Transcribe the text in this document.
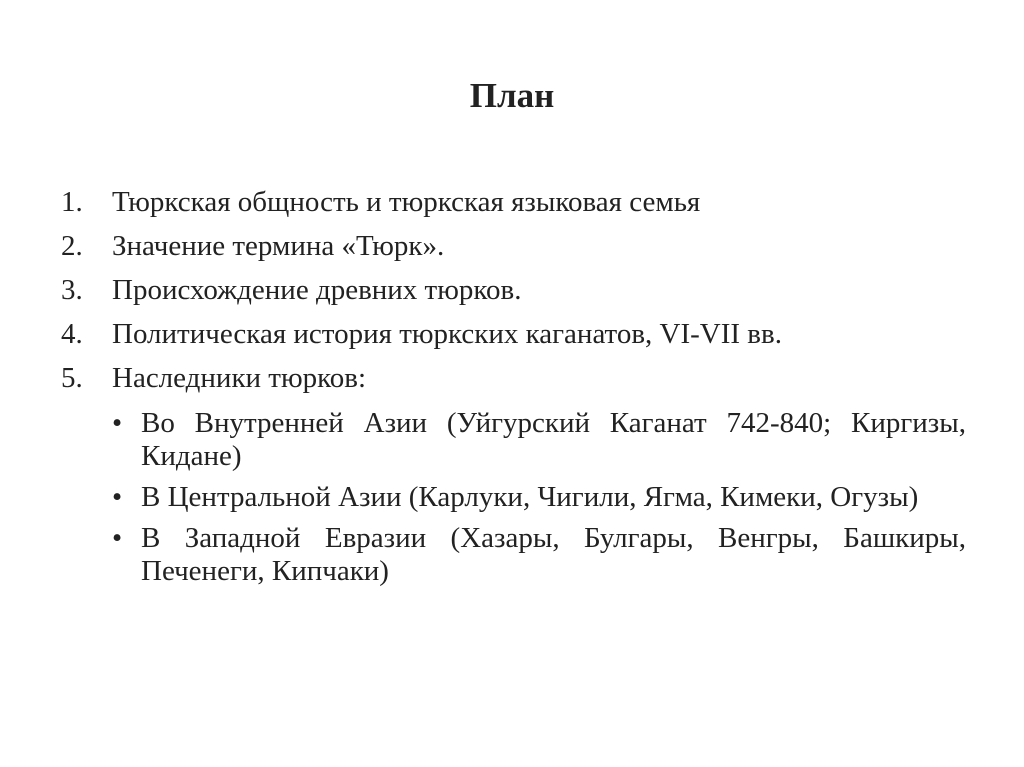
План
1. Тюркская общность и тюркская языковая семья
2. Значение термина «Тюрк».
3. Происхождение древних тюрков.
4. Политическая история тюркских каганатов, VI-VII вв.
5. Наследники тюрков:
• Во Внутренней Азии (Уйгурский Каганат 742-840; Киргизы, Кидане)
• В Центральной Азии (Карлуки, Чигили, Ягма, Кимеки, Огузы)
• В Западной Евразии (Хазары, Булгары, Венгры, Башкиры, Печенеги, Кипчаки)
